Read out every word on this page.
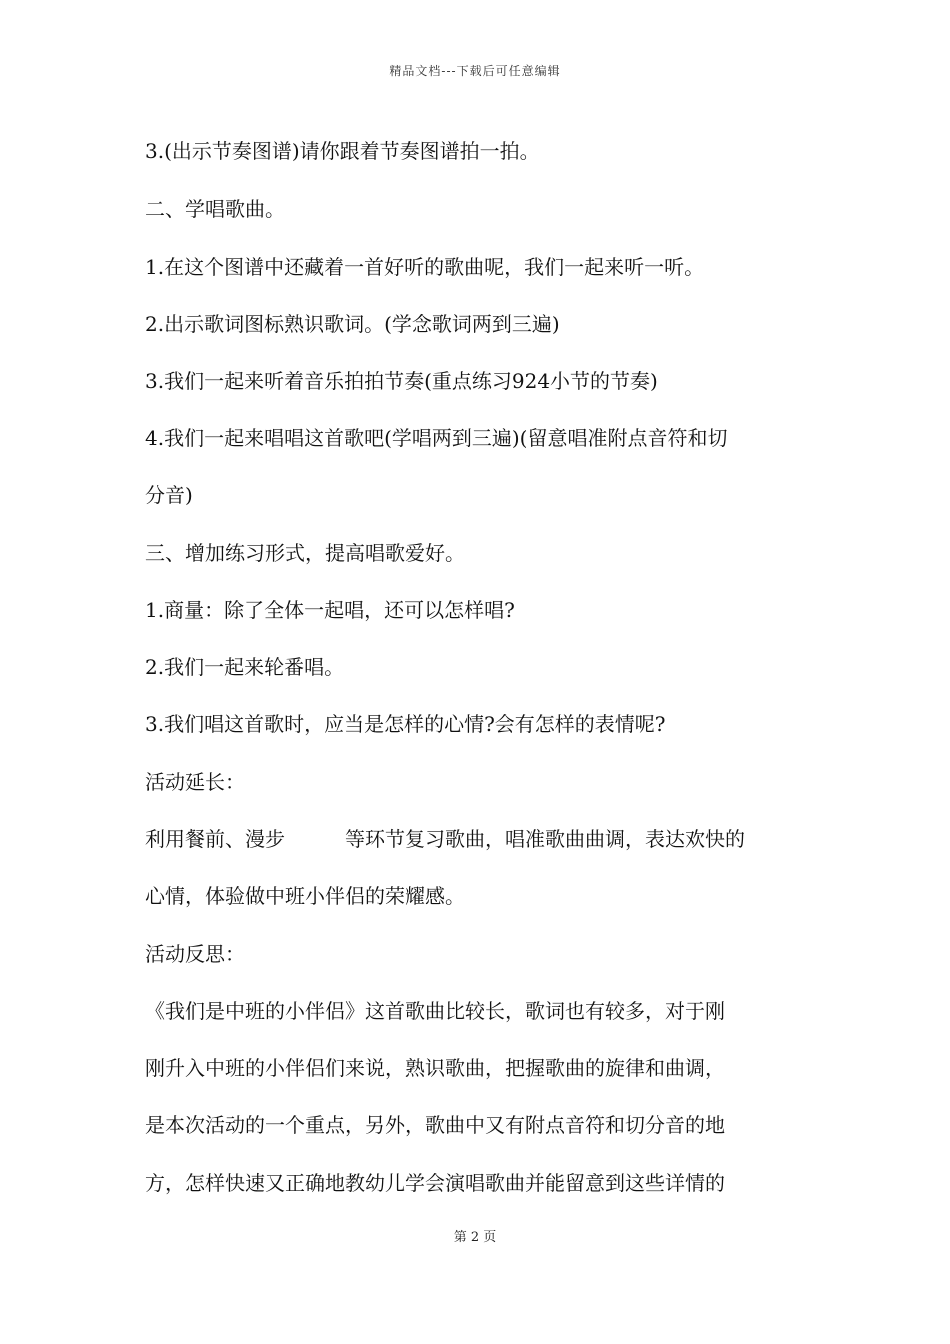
精品文档---下载后可任意编辑
3.(出示节奏图谱)请你跟着节奏图谱拍一拍。
二、学唱歌曲。
1.在这个图谱中还藏着一首好听的歌曲呢，我们一起来听一听。
2.出示歌词图标熟识歌词。(学念歌词两到三遍)
3.我们一起来听着音乐拍拍节奏(重点练习924小节的节奏)
4.我们一起来唱唱这首歌吧(学唱两到三遍)(留意唱准附点音符和切
分音)
三、增加练习形式，提高唱歌爱好。
1.商量：除了全体一起唱，还可以怎样唱?
2.我们一起来轮番唱。
3.我们唱这首歌时，应当是怎样的心情?会有怎样的表情呢?
活动延长：
利用餐前、漫步　　　等环节复习歌曲，唱准歌曲曲调，表达欢快的
心情，体验做中班小伴侣的荣耀感。
活动反思：
《我们是中班的小伴侣》这首歌曲比较长，歌词也有较多，对于刚
刚升入中班的小伴侣们来说，熟识歌曲，把握歌曲的旋律和曲调，
是本次活动的一个重点，另外，歌曲中又有附点音符和切分音的地
方，怎样快速又正确地教幼儿学会演唱歌曲并能留意到这些详情的
第 2 页
